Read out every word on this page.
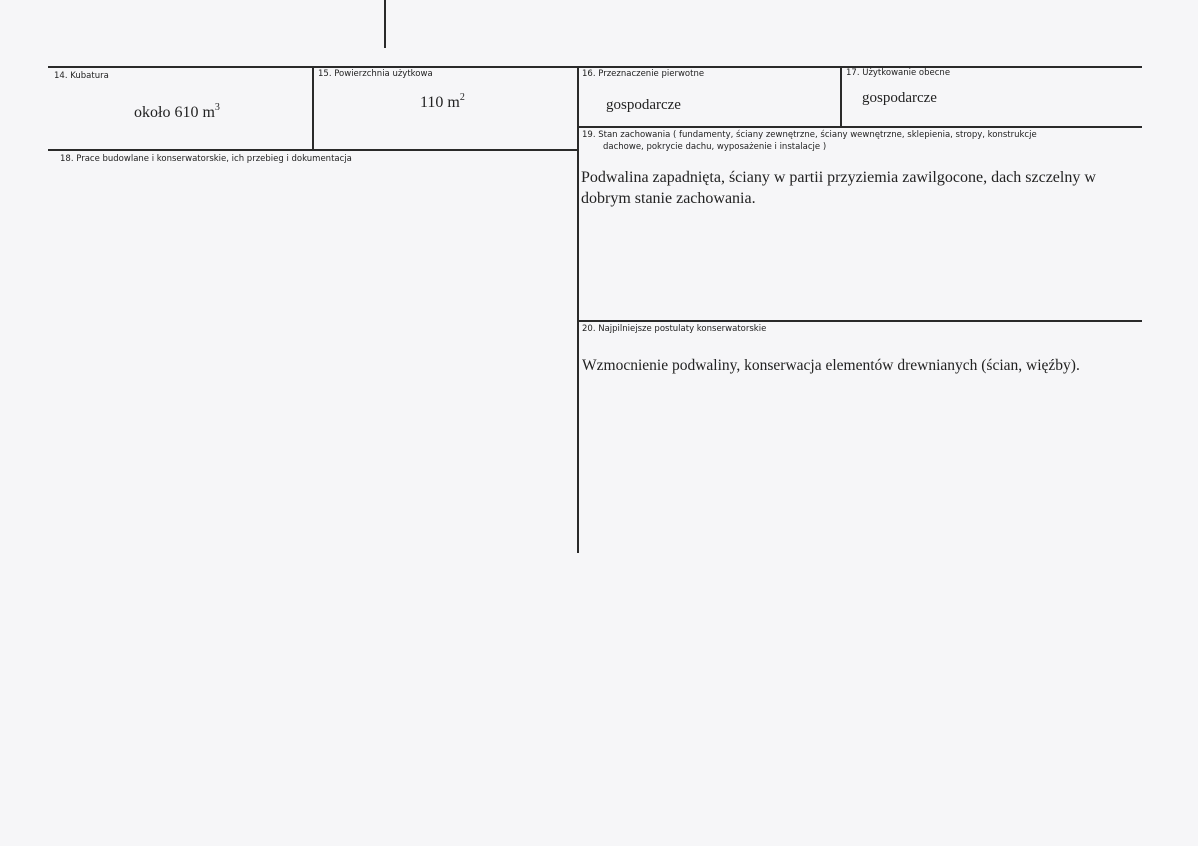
14. Kubatura
około 610 $m^3$
15. Powierzchnia użytkowa
110 $m^2$
16. Przeznaczenie pierwotne
gospodarcze
17. Użytkowanie obecne
gospodarcze
18. Prace budowlane i konserwatorskie, ich przebieg i dokumentacja
19. Stan zachowania ( fundamenty, ściany zewnętrzne, ściany wewnętrzne, sklepienia, stropy, konstrukcje
dachowe, pokrycie dachu, wyposażenie i instalacje )
Podwalina zapadnięta, ściany w partii przyziemia zawilgocone, dach szczelny w dobrym stanie zachowania.
20. Najpilniejsze postulaty konserwatorskie
Wzmocnienie podwaliny, konserwacja elementów drewnianych (ścian, więźby).
